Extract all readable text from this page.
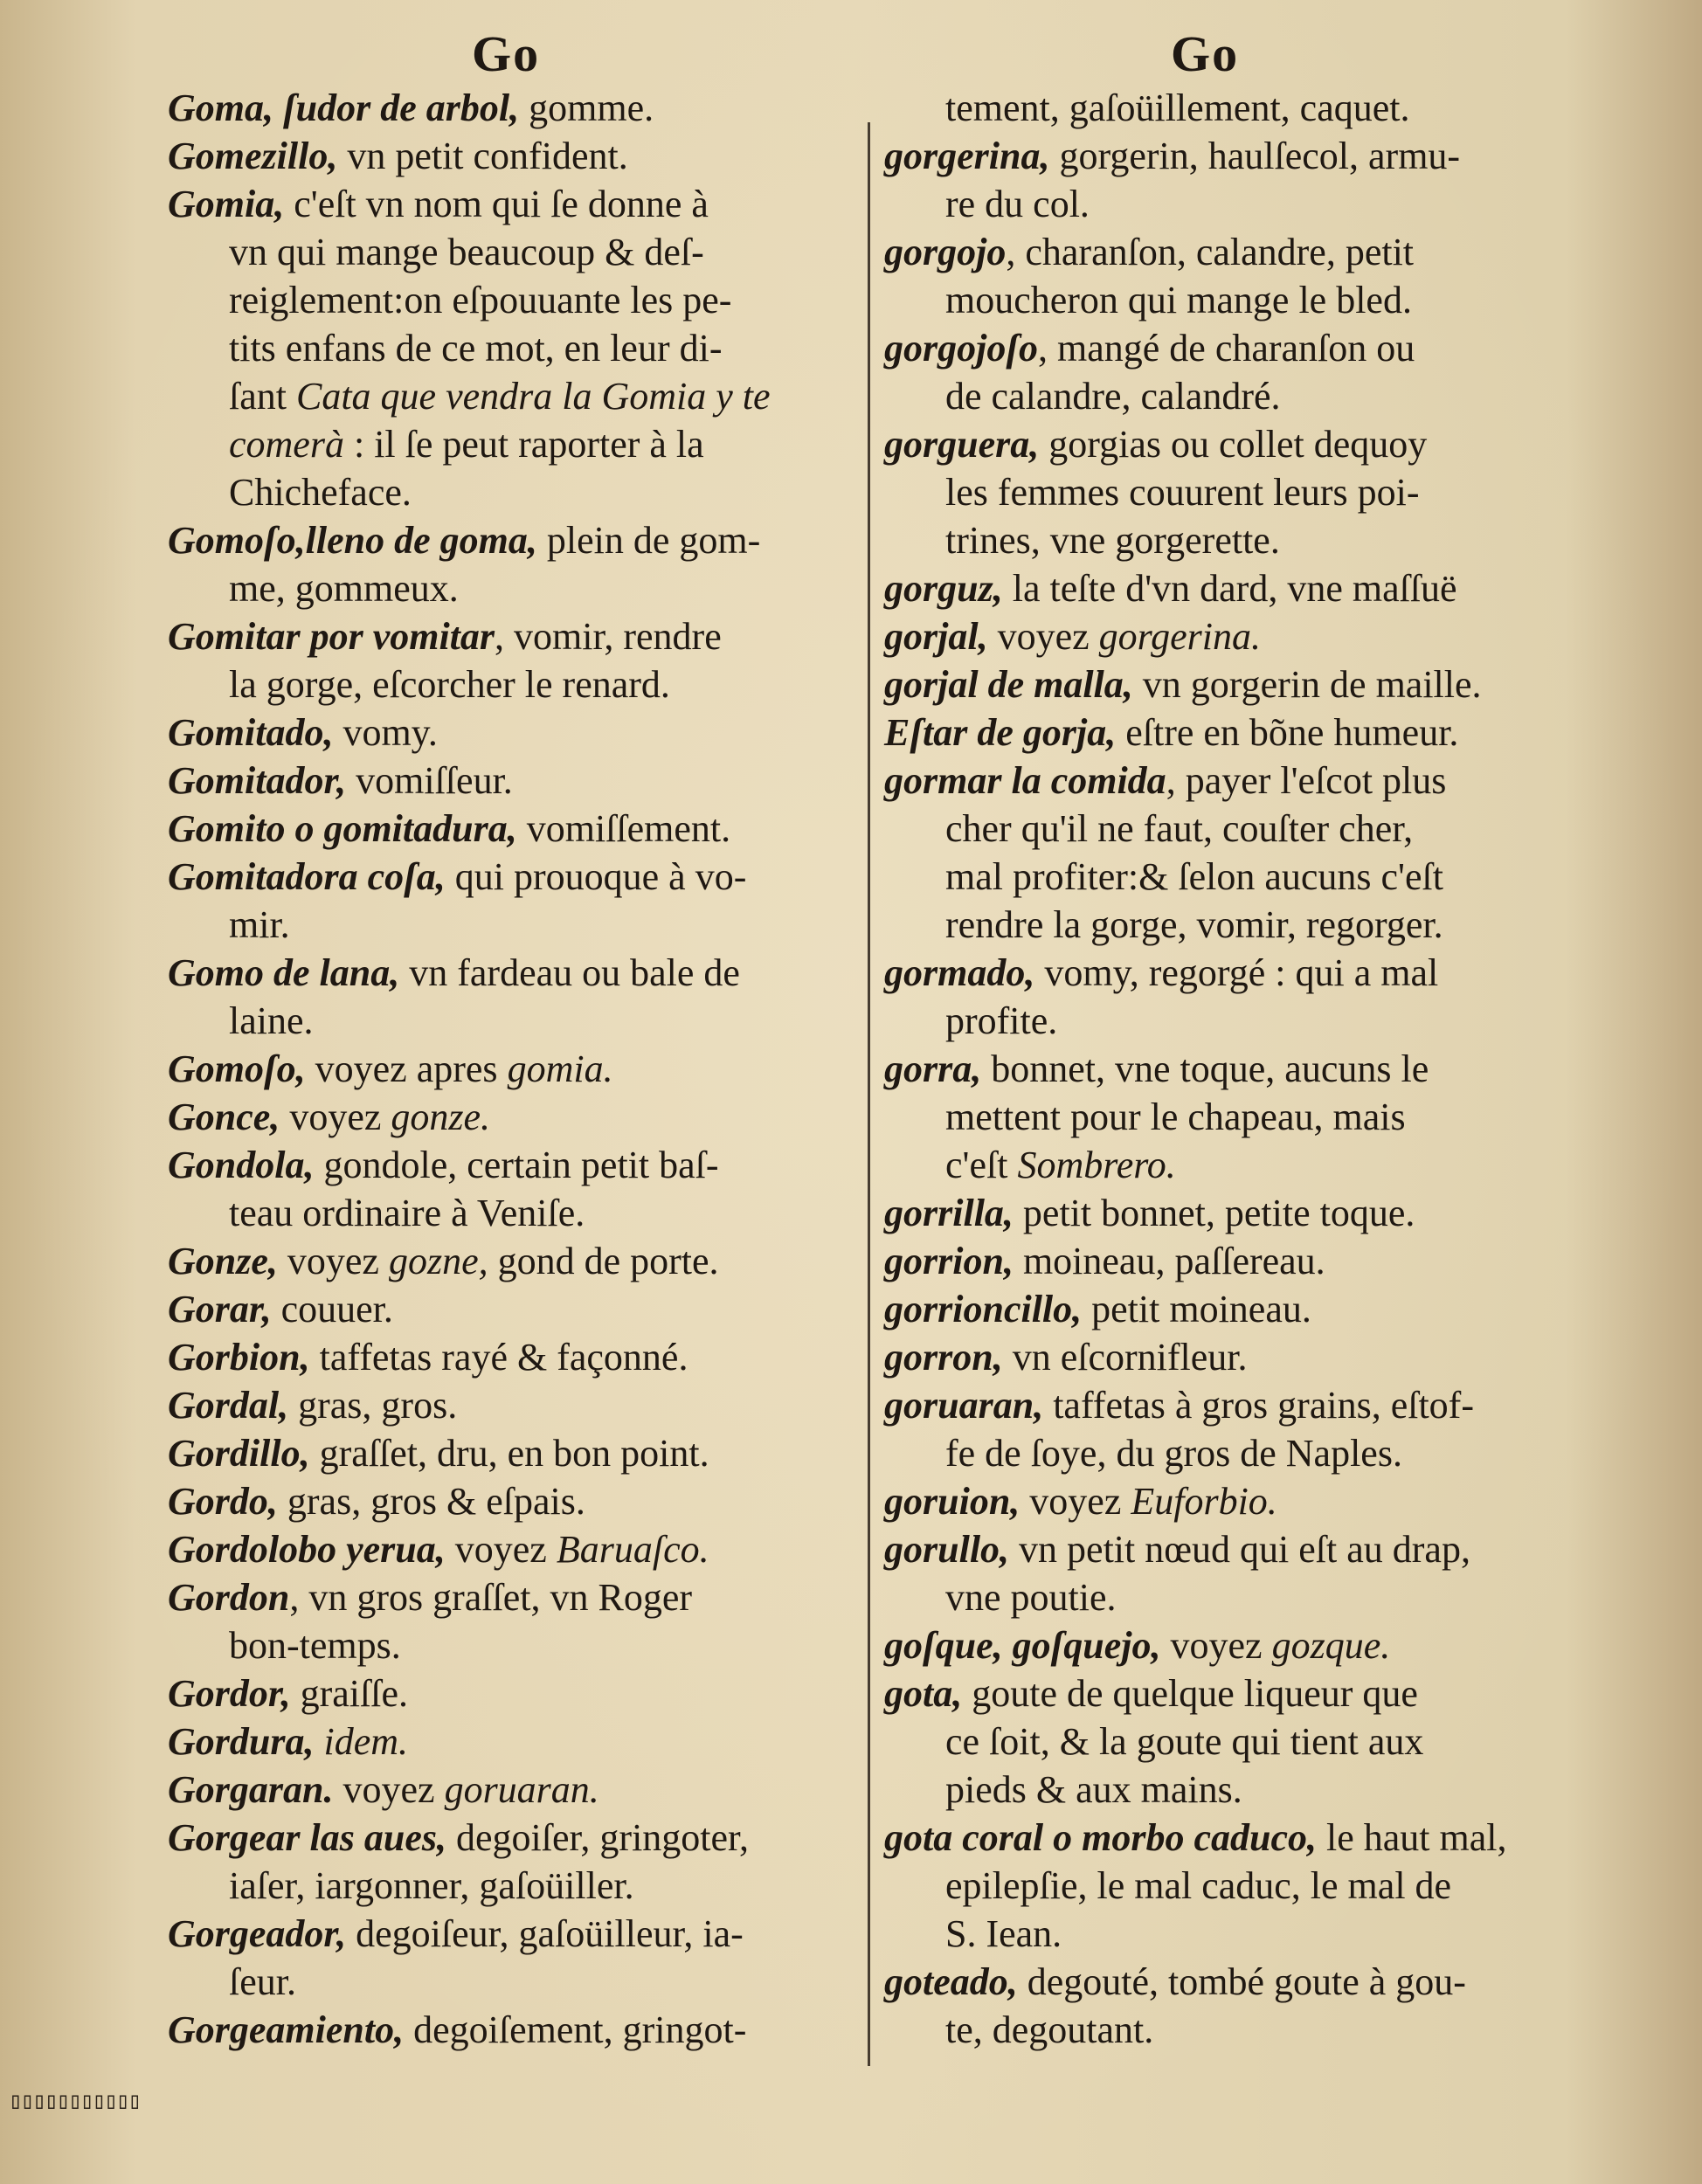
Go	Go
Goma, ſudor de arbol, gomme.
Gomezillo, vn petit confident.
Gomia, c'eſt vn nom qui ſe donne à
vn qui mange beaucoup & deſ-
reiglement:on eſpouuante les pe-
tits enfans de ce mot, en leur di-
ſant Cata que vendra la Gomia y te
comerà : il ſe peut raporter à la
Chicheface.
Gomoſo,lleno de goma, plein de gom-
me, gommeux.
Gomitar por vomitar, vomir, rendre
la gorge, eſcorcher le renard.
Gomitado, vomy.
Gomitador, vomiſſeur.
Gomito o gomitadura, vomiſſement.
Gomitadora coſa, qui prouoque à vo-
mir.
Gomo de lana, vn fardeau ou bale de
laine.
Gomoſo, voyez apres gomia.
Gonce, voyez gonze.
Gondola, gondole, certain petit baſ-
teau ordinaire à Veniſe.
Gonze, voyez gozne, gond de porte.
Gorar, couuer.
Gorbion, taffetas rayé & façonné.
Gordal, gras, gros.
Gordillo, graſſet, dru, en bon point.
Gordo, gras, gros & eſpais.
Gordolobo yerua, voyez Baruaſco.
Gordon, vn gros graſſet, vn Roger
bon-temps.
Gordor, graiſſe.
Gordura, idem.
Gorgaran. voyez goruaran.
Gorgear las aues, degoiſer, gringoter,
iaſer, iargonner, gaſoüiller.
Gorgeador, degoiſeur, gaſoüilleur, ia-
ſeur.
Gorgeamiento, degoiſement, gringot-
tement, gaſoüillement, caquet.
gorgerina, gorgerin, haulſecol, armu-
re du col.
gorgojo, charanſon, calandre, petit
moucheron qui mange le bled.
gorgojoſo, mangé de charanſon ou
de calandre, calandré.
gorguera, gorgias ou collet dequoy
les femmes couurent leurs poi-
trines, vne gorgerette.
gorguz, la teſte d'vn dard, vne maſſuë
gorjal, voyez gorgerina.
gorjal de malla, vn gorgerin de maille.
Eſtar de gorja, eſtre en bõne humeur.
gormar la comida, payer l'eſcot plus
cher qu'il ne faut, couſter cher,
mal profiter:& ſelon aucuns c'eſt
rendre la gorge, vomir, regorger.
gormado, vomy, regorgé : qui a mal
profite.
gorra, bonnet, vne toque, aucuns le
mettent pour le chapeau, mais
c'eſt Sombrero.
gorrilla, petit bonnet, petite toque.
gorrion, moineau, paſſereau.
gorrioncillo, petit moineau.
gorron, vn eſcornifleur.
goruaran, taffetas à gros grains, eſtof-
fe de ſoye, du gros de Naples.
goruion, voyez Euforbio.
gorullo, vn petit nœud qui eſt au drap,
vne poutie.
goſque, goſquejo, voyez gozque.
gota, goute de quelque liqueur que
ce ſoit, & la goute qui tient aux
pieds & aux mains.
gota coral o morbo caduco, le haut mal,
epilepſie, le mal caduc, le mal de
S. Iean.
goteado, degouté, tombé goute à gou-
te, degoutant.
▯▯▯▯▯▯▯▯▯▯▯
